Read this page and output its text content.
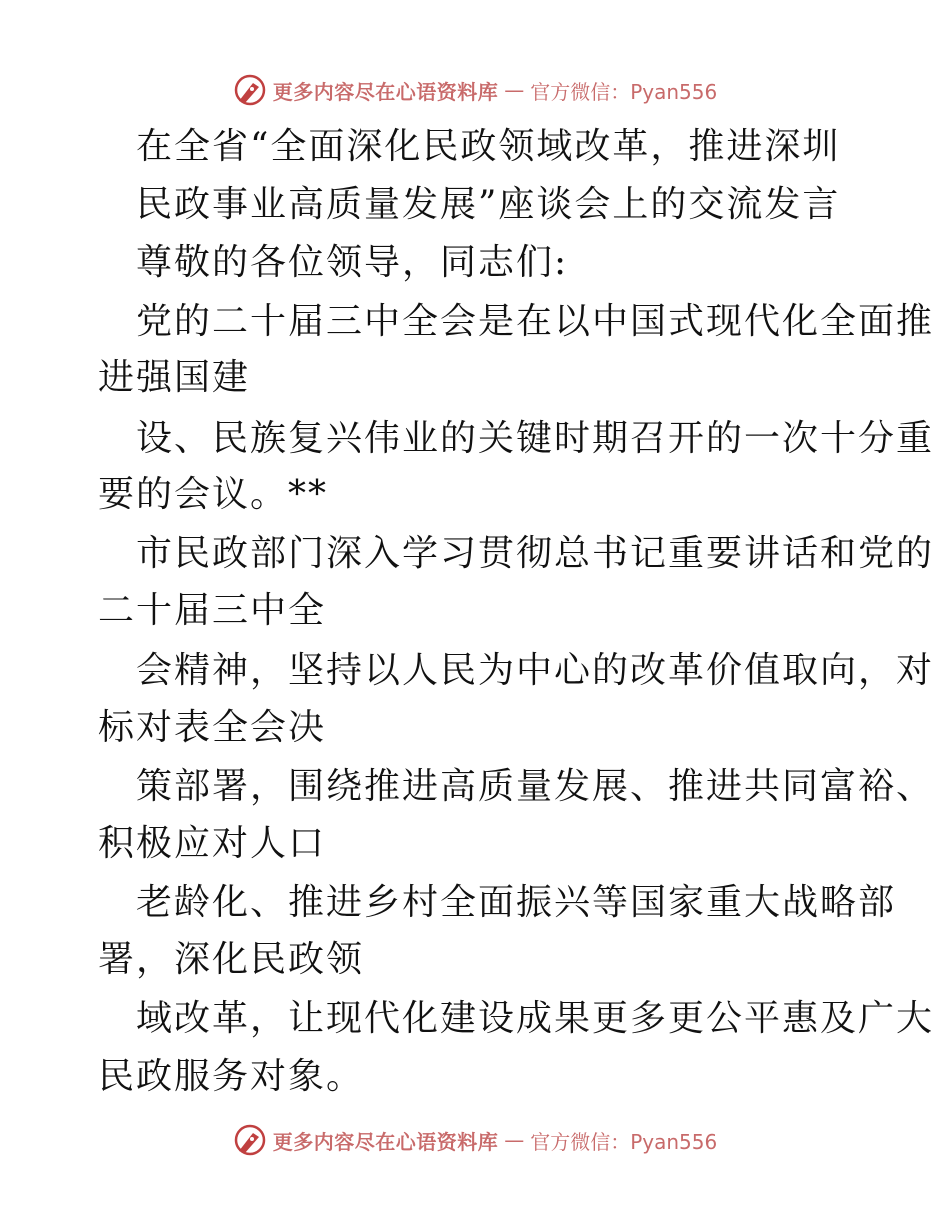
更多内容尽在心语资料库 — 官方微信：Pyan556
在全省“全面深化民政领域改革，推进深圳
民政事业高质量发展”座谈会上的交流发言
尊敬的各位领导，同志们:
党的二十届三中全会是在以中国式现代化全面推
进强国建
设、民族复兴伟业的关键时期召开的一次十分重
要的会议。**
市民政部门深入学习贯彻总书记重要讲话和党的
二十届三中全
会精神，坚持以人民为中心的改革价值取向，对
标对表全会决
策部署，围绕推进高质量发展、推进共同富裕、
积极应对人口
老龄化、推进乡村全面振兴等国家重大战略部
署，深化民政领
域改革，让现代化建设成果更多更公平惠及广大
民政服务对象。
更多内容尽在心语资料库 — 官方微信：Pyan556
